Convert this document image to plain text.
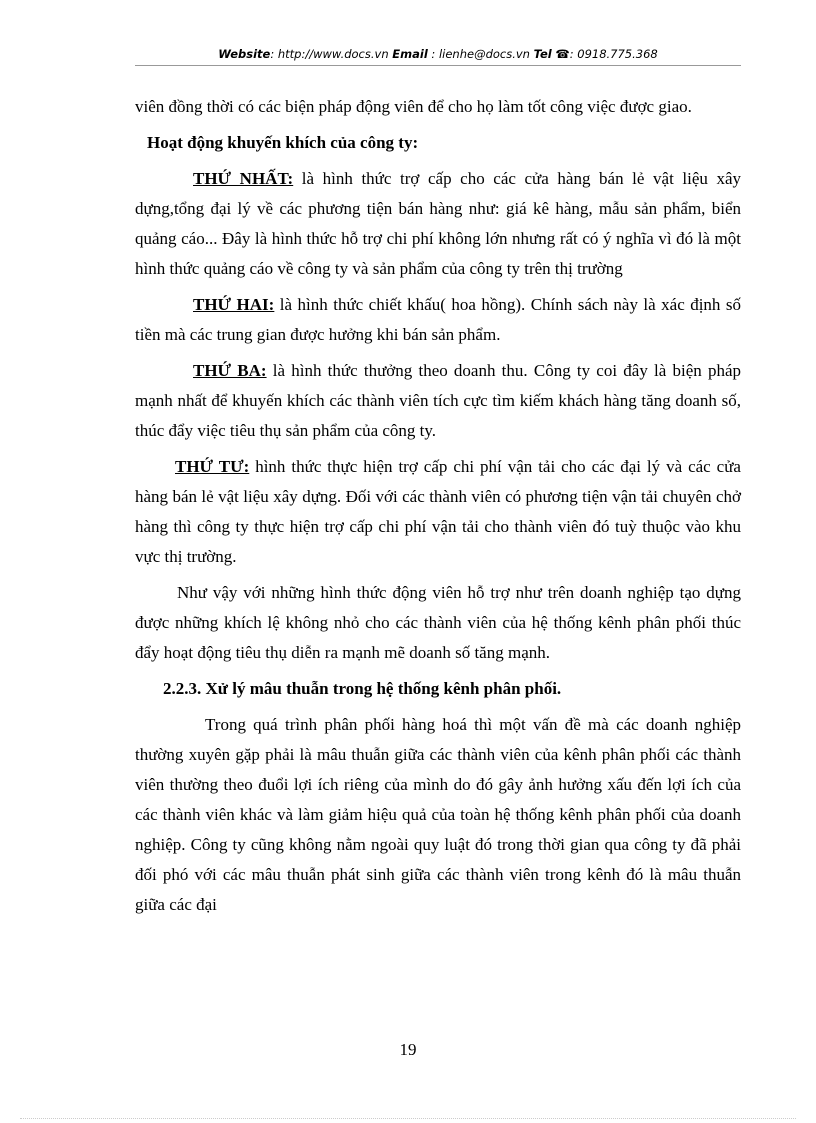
Website: http://www.docs.vn Email : lienhe@docs.vn Tel ☎: 0918.775.368

viên đồng thời có các biện pháp động viên để cho họ làm tốt công việc được giao.

Hoạt động khuyến khích của công ty:

THỨ NHẤT: là hình thức trợ cấp cho các cửa hàng bán lẻ vật liệu xây dựng,tổng đại lý về các phương tiện bán hàng như: giá kê hàng, mẫu sản phẩm, biển quảng cáo... Đây là hình thức hỗ trợ chi phí không lớn nhưng rất có ý nghĩa vì đó là một hình thức quảng cáo về công ty và sản phẩm của công ty trên thị trường

THỨ HAI: là hình thức chiết khấu( hoa hồng). Chính sách này là xác định số tiền mà các trung gian được hưởng khi bán sản phẩm.

THỨ BA: là hình thức thưởng theo doanh thu. Công ty coi đây là biện pháp mạnh nhất để khuyến khích các thành viên tích cực tìm kiếm khách hàng tăng doanh số, thúc đẩy việc tiêu thụ sản phẩm của công ty.

THỨ TƯ: hình thức thực hiện trợ cấp chi phí vận tải cho các đại lý và các cửa hàng bán lẻ vật liệu xây dựng. Đối với các thành viên có phương tiện vận tải chuyên chở hàng thì công ty thực hiện trợ cấp chi phí vận tải cho thành viên đó tuỳ thuộc vào khu vực thị trường.

Như vậy với những hình thức động viên hỗ trợ như trên doanh nghiệp tạo dựng được những khích lệ không nhỏ cho các thành viên của hệ thống kênh phân phối thúc đẩy hoạt động tiêu thụ diễn ra mạnh mẽ doanh số tăng mạnh.

2.2.3. Xử lý mâu thuẫn trong hệ thống kênh phân phối.

Trong quá trình phân phối hàng hoá thì một vấn đề mà các doanh nghiệp thường xuyên gặp phải là mâu thuẫn giữa các thành viên của kênh phân phối các thành viên thường theo đuổi lợi ích riêng của mình do đó gây ảnh hưởng xấu đến lợi ích của các thành viên khác và làm giảm hiệu quả của toàn hệ thống kênh phân phối của doanh nghiệp. Công ty cũng không nằm ngoài quy luật đó trong thời gian qua công ty đã phải đối phó với các mâu thuẫn phát sinh giữa các thành viên trong kênh đó là mâu thuẫn giữa các đại

19
